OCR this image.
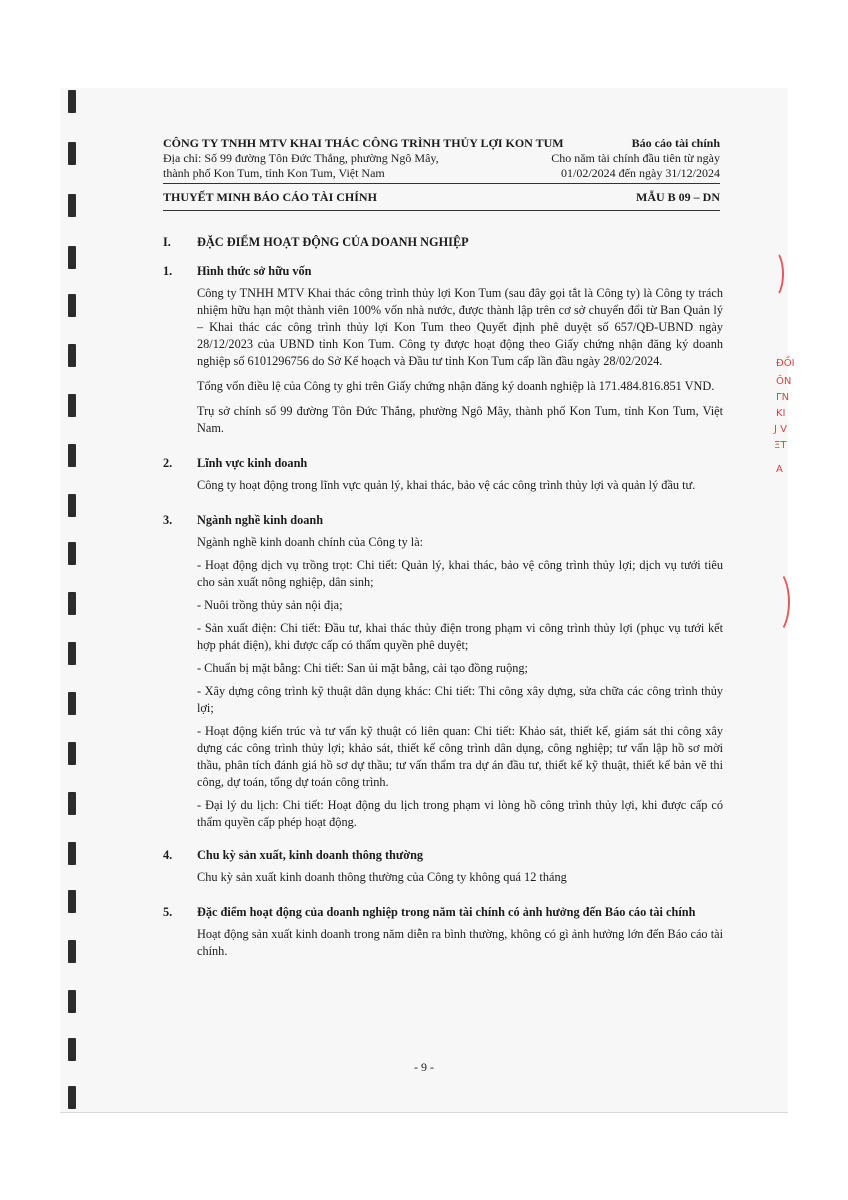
CÔNG TY TNHH MTV KHAI THÁC CÔNG TRÌNH THỦY LỢI KON TUM	Báo cáo tài chính
Địa chỉ: Số 99 đường Tôn Đức Thắng, phường Ngô Mây,	Cho năm tài chính đầu tiên từ ngày
thành phố Kon Tum, tỉnh Kon Tum, Việt Nam	01/02/2024 đến ngày 31/12/2024
THUYẾT MINH BÁO CÁO TÀI CHÍNH	MẪU B 09 – DN
I.	ĐẶC ĐIỂM HOẠT ĐỘNG CỦA DOANH NGHIỆP
1.	Hình thức sở hữu vốn

Công ty TNHH MTV Khai thác công trình thủy lợi Kon Tum (sau đây gọi tắt là Công ty) là Công ty trách nhiệm hữu hạn một thành viên 100% vốn nhà nước, được thành lập trên cơ sở chuyển đổi từ Ban Quản lý – Khai thác các công trình thủy lợi Kon Tum theo Quyết định phê duyệt số 657/QĐ-UBND ngày 28/12/2023 của UBND tỉnh Kon Tum. Công ty được hoạt động theo Giấy chứng nhận đăng ký doanh nghiệp số 6101296756 do Sở Kế hoạch và Đầu tư tỉnh Kon Tum cấp lần đầu ngày 28/02/2024.

Tổng vốn điều lệ của Công ty ghi trên Giấy chứng nhận đăng ký doanh nghiệp là 171.484.816.851 VND.

Trụ sở chính số 99 đường Tôn Đức Thắng, phường Ngô Mây, thành phố Kon Tum, tỉnh Kon Tum, Việt Nam.

2.	Lĩnh vực kinh doanh

Công ty hoạt động trong lĩnh vực quản lý, khai thác, bảo vệ các công trình thủy lợi và quản lý đầu tư.

3.	Ngành nghề kinh doanh

Ngành nghề kinh doanh chính của Công ty là:

- Hoạt động dịch vụ trồng trọt: Chi tiết: Quản lý, khai thác, bảo vệ công trình thủy lợi; dịch vụ tưới tiêu cho sản xuất nông nghiệp, dân sinh;

- Nuôi trồng thủy sản nội địa;

- Sản xuất điện: Chi tiết: Đầu tư, khai thác thủy điện trong phạm vi công trình thủy lợi (phục vụ tưới kết hợp phát điện), khi được cấp có thẩm quyền phê duyệt;

- Chuẩn bị mặt bằng: Chi tiết: San ủi mặt bằng, cải tạo đồng ruộng;

- Xây dựng công trình kỹ thuật dân dụng khác: Chi tiết: Thi công xây dựng, sửa chữa các công trình thủy lợi;

- Hoạt động kiến trúc và tư vấn kỹ thuật có liên quan: Chi tiết: Khảo sát, thiết kế, giám sát thi công xây dựng các công trình thủy lợi; khảo sát, thiết kế công trình dân dụng, công nghiệp; tư vấn lập hồ sơ mời thầu, phân tích đánh giá hồ sơ dự thầu; tư vấn thẩm tra dự án đầu tư, thiết kế kỹ thuật, thiết kế bản vẽ thi công, dự toán, tổng dự toán công trình.

- Đại lý du lịch: Chi tiết: Hoạt động du lịch trong phạm vi lòng hồ công trình thủy lợi, khi được cấp có thẩm quyền cấp phép hoạt động.

4.	Chu kỳ sản xuất, kinh doanh thông thường

Chu kỳ sản xuất kinh doanh thông thường của Công ty không quá 12 tháng

5.	Đặc điểm hoạt động của doanh nghiệp trong năm tài chính có ảnh hưởng đến Báo cáo tài chính

Hoạt động sản xuất kinh doanh trong năm diễn ra bình thường, không có gì ảnh hưởng lớn đến Báo cáo tài chính.

- 9 -
ĐỒI
ÔN
ΓN
KI
J V
ΞT
A
